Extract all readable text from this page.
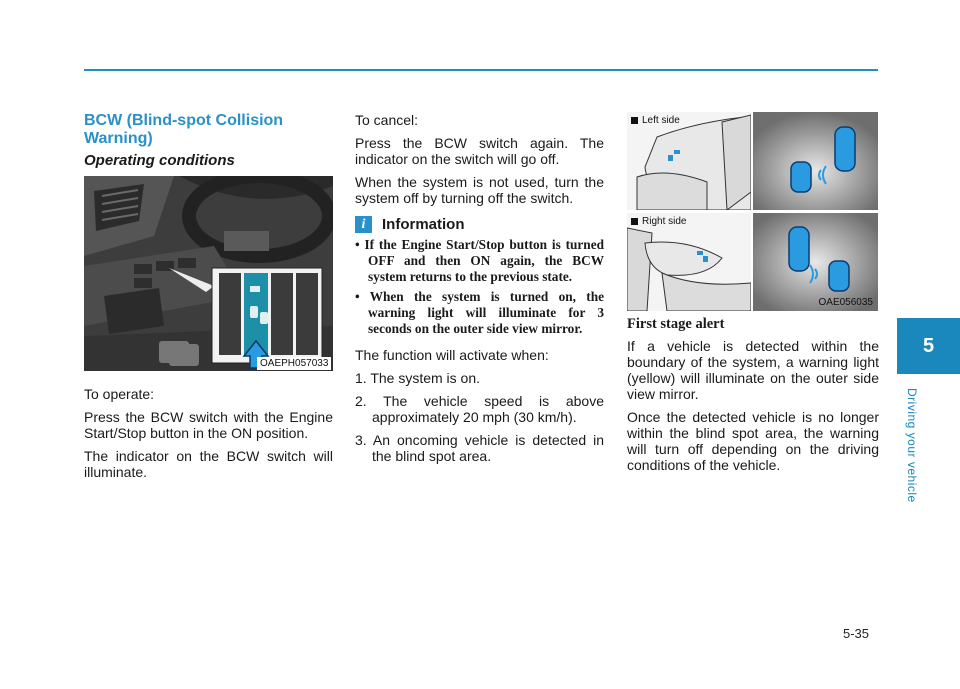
BCW (Blind-spot Collision Warning)
Operating conditions
OAEPH057033

To operate:

Press the BCW switch with the Engine Start/Stop button in the ON position.

The indicator on the BCW switch will illuminate.

To cancel:

Press the BCW switch again. The indicator on the switch will go off.

When the system is not used, turn the system off by turning off the switch.

i	Information
• If the Engine Start/Stop button is turned OFF and then ON again, the BCW system returns to the previous state.
• When the system is turned on, the warning light will illuminate for 3 seconds on the outer side view mirror.

The function will activate when:

1. The system is on.
2. The vehicle speed is above approximately 20 mph (30 km/h).
3. An oncoming vehicle is detected in the blind spot area.
Left side
Right side
OAE056035

First stage alert

If a vehicle is detected within the boundary of the system, a warning light (yellow) will illuminate on the outer side view mirror.

Once the detected vehicle is no longer within the blind spot area, the warning will turn off depending on the driving conditions of the vehicle.

5
Driving your vehicle
5-35
